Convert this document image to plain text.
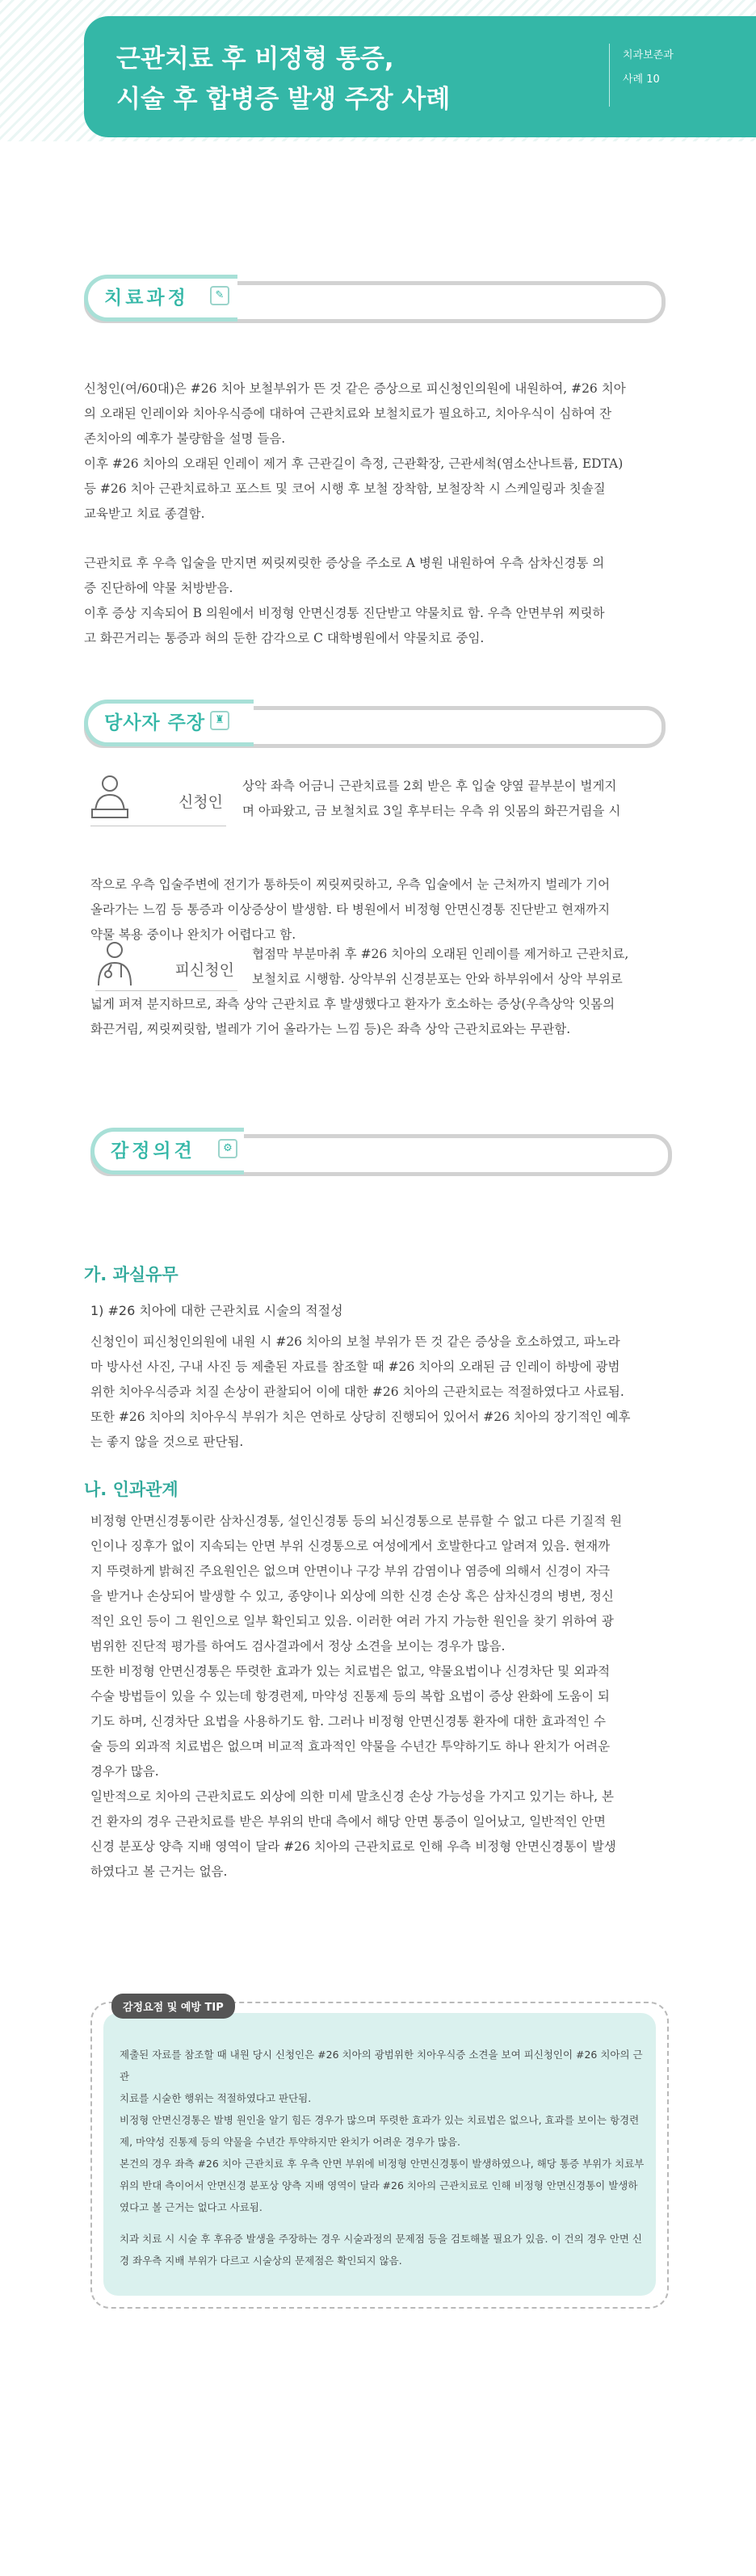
근관치료 후 비정형 통증,
시술 후 합병증 발생 주장 사례
치과보존과
사례 10
치료과정	✎
신청인(여/60대)은 #26 치아 보철부위가 뜬 것 같은 증상으로 피신청인의원에 내원하여, #26 치아
의 오래된 인레이와 치아우식증에 대하여 근관치료와 보철치료가 필요하고, 치아우식이 심하여 잔
존치아의 예후가 불량함을 설명 들음.
이후 #26 치아의 오래된 인레이 제거 후 근관길이 측정, 근관확장, 근관세척(염소산나트륨, EDTA)
등 #26 치아 근관치료하고 포스트 및 코어 시행 후 보철 장착함, 보철장착 시 스케일링과 칫솔질
교육받고 치료 종결함.
근관치료 후 우측 입술을 만지면 찌릿찌릿한 증상을 주소로 A 병원 내원하여 우측 삼차신경통 의
증 진단하에 약물 처방받음.
이후 증상 지속되어 B 의원에서 비정형 안면신경통 진단받고 약물치료 함. 우측 안면부위 찌릿하
고 화끈거리는 통증과 혀의 둔한 감각으로 C 대학병원에서 약물치료 중임.
당사자 주장 ♜
신청인
상악 좌측 어금니 근관치료를 2회 받은 후 입술 양옆 끝부분이 벌게지
며 아파왔고, 금 보철치료 3일 후부터는 우측 위 잇몸의 화끈거림을 시
작으로 우측 입술주변에 전기가 통하듯이 찌릿찌릿하고, 우측 입술에서 눈 근처까지 벌레가 기어
올라가는 느낌 등 통증과 이상증상이 발생함. 타 병원에서 비정형 안면신경통 진단받고 현재까지
약물 복용 중이나 완치가 어렵다고 함.
피신청인
협점막 부분마취 후 #26 치아의 오래된 인레이를 제거하고 근관치료,
보철치료 시행함. 상악부위 신경분포는 안와 하부위에서 상악 부위로
넓게 퍼져 분지하므로, 좌측 상악 근관치료 후 발생했다고 환자가 호소하는 증상(우측상악 잇몸의
화끈거림, 찌릿찌릿함, 벌레가 기어 올라가는 느낌 등)은 좌측 상악 근관치료와는 무관함.
감정의견	⚙
가. 과실유무

1) #26 치아에 대한 근관치료 시술의 적절성

신청인이 피신청인의원에 내원 시 #26 치아의 보철 부위가 뜬 것 같은 증상을 호소하였고, 파노라
마 방사선 사진, 구내 사진 등 제출된 자료를 참조할 때 #26 치아의 오래된 금 인레이 하방에 광범
위한 치아우식증과 치질 손상이 관찰되어 이에 대한 #26 치아의 근관치료는 적절하였다고 사료됨.
또한 #26 치아의 치아우식 부위가 치은 연하로 상당히 진행되어 있어서 #26 치아의 장기적인 예후
는 좋지 않을 것으로 판단됨.
나. 인과관계
비정형 안면신경통이란 삼차신경통, 설인신경통 등의 뇌신경통으로 분류할 수 없고 다른 기질적 원
인이나 징후가 없이 지속되는 안면 부위 신경통으로 여성에게서 호발한다고 알려져 있음. 현재까
지 뚜렷하게 밝혀진 주요원인은 없으며 안면이나 구강 부위 감염이나 염증에 의해서 신경이 자극
을 받거나 손상되어 발생할 수 있고, 종양이나 외상에 의한 신경 손상 혹은 삼차신경의 병변, 정신
적인 요인 등이 그 원인으로 일부 확인되고 있음. 이러한 여러 가지 가능한 원인을 찾기 위하여 광
범위한 진단적 평가를 하여도 검사결과에서 정상 소견을 보이는 경우가 많음.
또한 비정형 안면신경통은 뚜렷한 효과가 있는 치료법은 없고, 약물요법이나 신경차단 및 외과적
수술 방법들이 있을 수 있는데 항경련제, 마약성 진통제 등의 복합 요법이 증상 완화에 도움이 되
기도 하며, 신경차단 요법을 사용하기도 함. 그러나 비정형 안면신경통 환자에 대한 효과적인 수
술 등의 외과적 치료법은 없으며 비교적 효과적인 약물을 수년간 투약하기도 하나 완치가 어려운
경우가 많음.
일반적으로 치아의 근관치료도 외상에 의한 미세 말초신경 손상 가능성을 가지고 있기는 하나, 본
건 환자의 경우 근관치료를 받은 부위의 반대 측에서 해당 안면 통증이 일어났고, 일반적인 안면
신경 분포상 양측 지배 영역이 달라 #26 치아의 근관치료로 인해 우측 비정형 안면신경통이 발생
하였다고 볼 근거는 없음.

제출된 자료를 참조할 때 내원 당시 신청인은 #26 치아의 광범위한 치아우식증 소견을 보여 피신청인이 #26 치아의 근관
치료를 시술한 행위는 적절하였다고 판단됨.
비정형 안면신경통은 발병 원인을 알기 힘든 경우가 많으며 뚜렷한 효과가 있는 치료법은 없으나, 효과를 보이는 항경련
제, 마약성 진통제 등의 약물을 수년간 투약하지만 완치가 어려운 경우가 많음.
본건의 경우 좌측 #26 치아 근관치료 후 우측 안면 부위에 비정형 안면신경통이 발생하였으나, 해당 통증 부위가 치료부
위의 반대 측이어서 안면신경 분포상 양측 지배 영역이 달라 #26 치아의 근관치료로 인해 비정형 안면신경통이 발생하
였다고 볼 근거는 없다고 사료됨.
치과 치료 시 시술 후 후유증 발생을 주장하는 경우 시술과정의 문제점 등을 검토해볼 필요가 있음. 이 건의 경우 안면 신
경 좌우측 지배 부위가 다르고 시술상의 문제점은 확인되지 않음.

감정요점 및 예방 TIP
